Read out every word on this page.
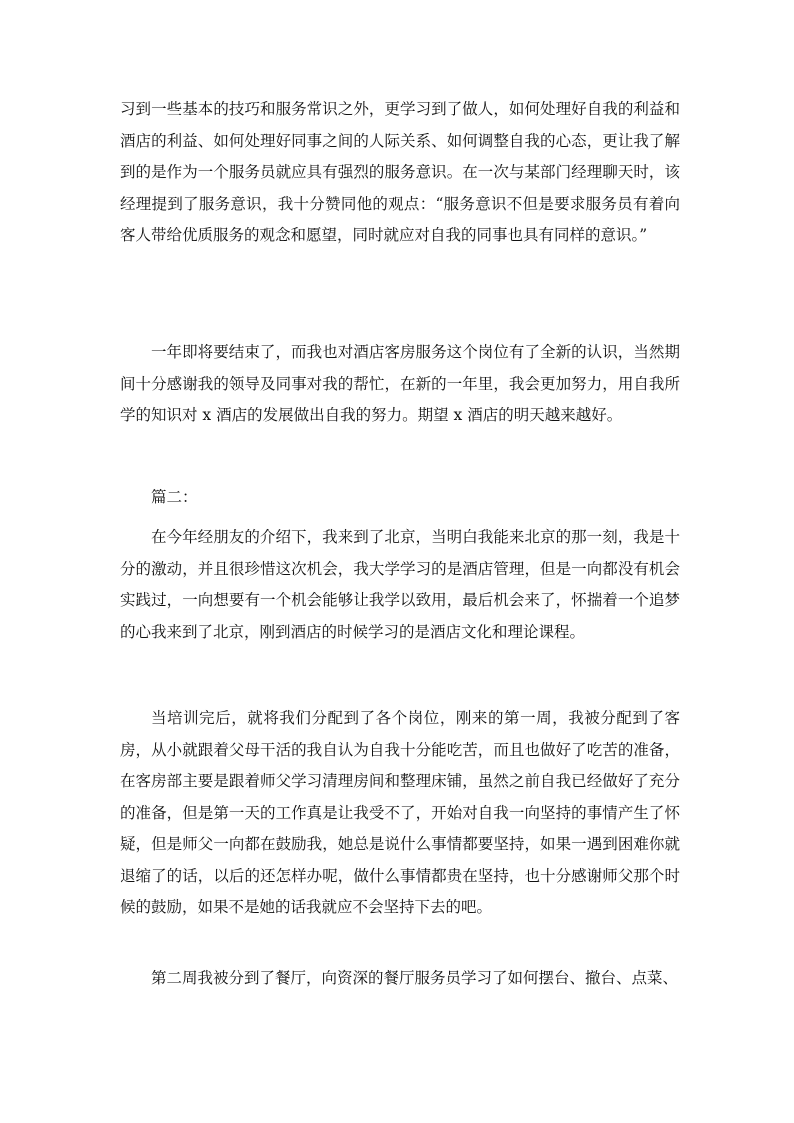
习到一些基本的技巧和服务常识之外，更学习到了做人，如何处理好自我的利益和酒店的利益、如何处理好同事之间的人际关系、如何调整自我的心态，更让我了解到的是作为一个服务员就应具有强烈的服务意识。在一次与某部门经理聊天时，该经理提到了服务意识，我十分赞同他的观点：“服务意识不但是要求服务员有着向客人带给优质服务的观念和愿望，同时就应对自我的同事也具有同样的意识。”

一年即将要结束了，而我也对酒店客房服务这个岗位有了全新的认识，当然期间十分感谢我的领导及同事对我的帮忙，在新的一年里，我会更加努力，用自我所学的知识对 x 酒店的发展做出自我的努力。期望 x 酒店的明天越来越好。

篇二：

在今年经朋友的介绍下，我来到了北京，当明白我能来北京的那一刻，我是十分的激动，并且很珍惜这次机会，我大学学习的是酒店管理，但是一向都没有机会实践过，一向想要有一个机会能够让我学以致用，最后机会来了，怀揣着一个追梦的心我来到了北京，刚到酒店的时候学习的是酒店文化和理论课程。

当培训完后，就将我们分配到了各个岗位，刚来的第一周，我被分配到了客房，从小就跟着父母干活的我自认为自我十分能吃苦，而且也做好了吃苦的准备，在客房部主要是跟着师父学习清理房间和整理床铺，虽然之前自我已经做好了充分的准备，但是第一天的工作真是让我受不了，开始对自我一向坚持的事情产生了怀疑，但是师父一向都在鼓励我，她总是说什么事情都要坚持，如果一遇到困难你就退缩了的话，以后的还怎样办呢，做什么事情都贵在坚持，也十分感谢师父那个时候的鼓励，如果不是她的话我就应不会坚持下去的吧。

第二周我被分到了餐厅，向资深的餐厅服务员学习了如何摆台、撤台、点菜、
